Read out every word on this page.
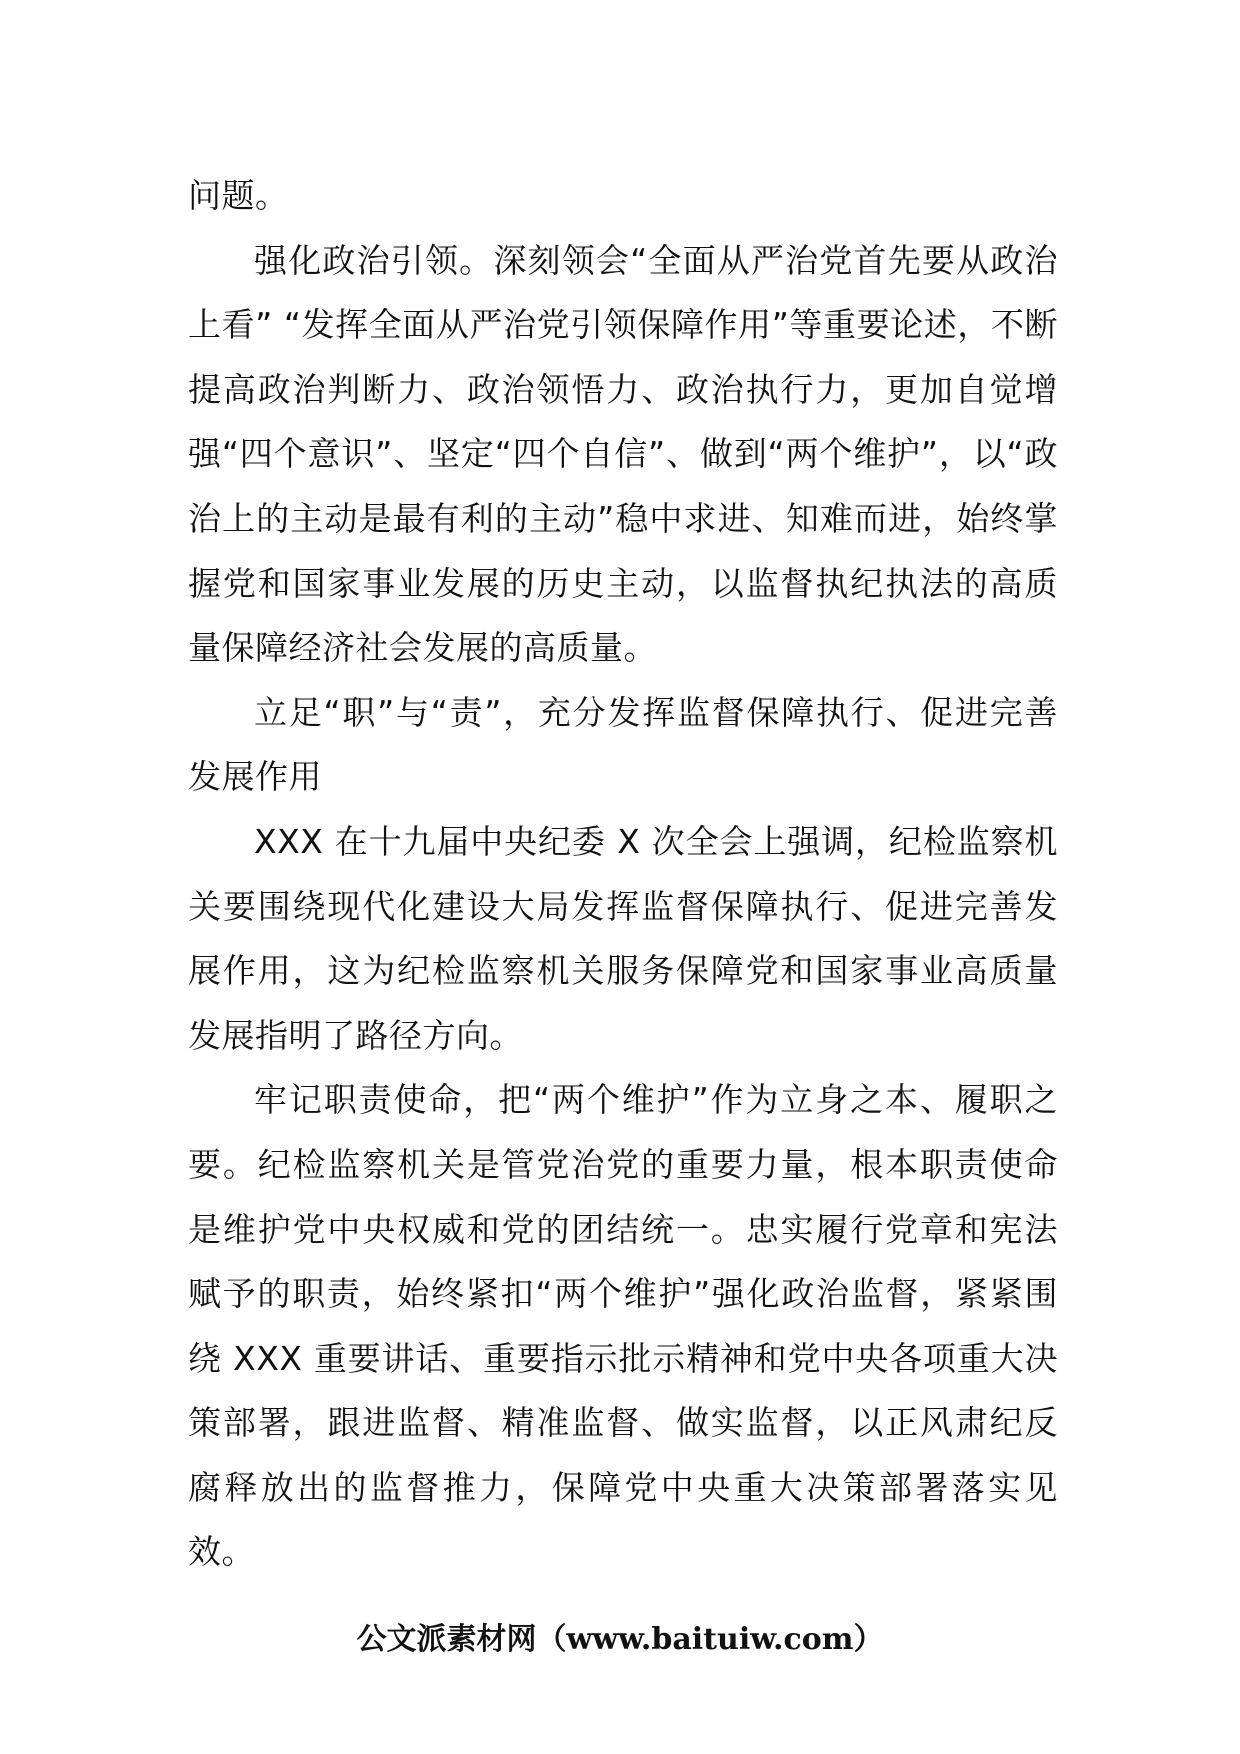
问题。

强化政治引领。深刻领会“全面从严治党首先要从政治上看” “发挥全面从严治党引领保障作用”等重要论述，不断提高政治判断力、政治领悟力、政治执行力，更加自觉增强“四个意识”、坚定“四个自信”、做到“两个维护”，以“政治上的主动是最有利的主动”稳中求进、知难而进，始终掌握党和国家事业发展的历史主动，以监督执纪执法的高质量保障经济社会发展的高质量。

立足“职”与“责”，充分发挥监督保障执行、促进完善发展作用

XXX 在十九届中央纪委 X 次全会上强调，纪检监察机关要围绕现代化建设大局发挥监督保障执行、促进完善发展作用，这为纪检监察机关服务保障党和国家事业高质量发展指明了路径方向。

牢记职责使命，把“两个维护”作为立身之本、履职之要。纪检监察机关是管党治党的重要力量，根本职责使命是维护党中央权威和党的团结统一。忠实履行党章和宪法赋予的职责，始终紧扣“两个维护”强化政治监督，紧紧围绕 XXX 重要讲话、重要指示批示精神和党中央各项重大决策部署，跟进监督、精准监督、做实监督，以正风肃纪反腐释放出的监督推力，保障党中央重大决策部署落实见效。

公文派素材网（www.baituiw.com）
